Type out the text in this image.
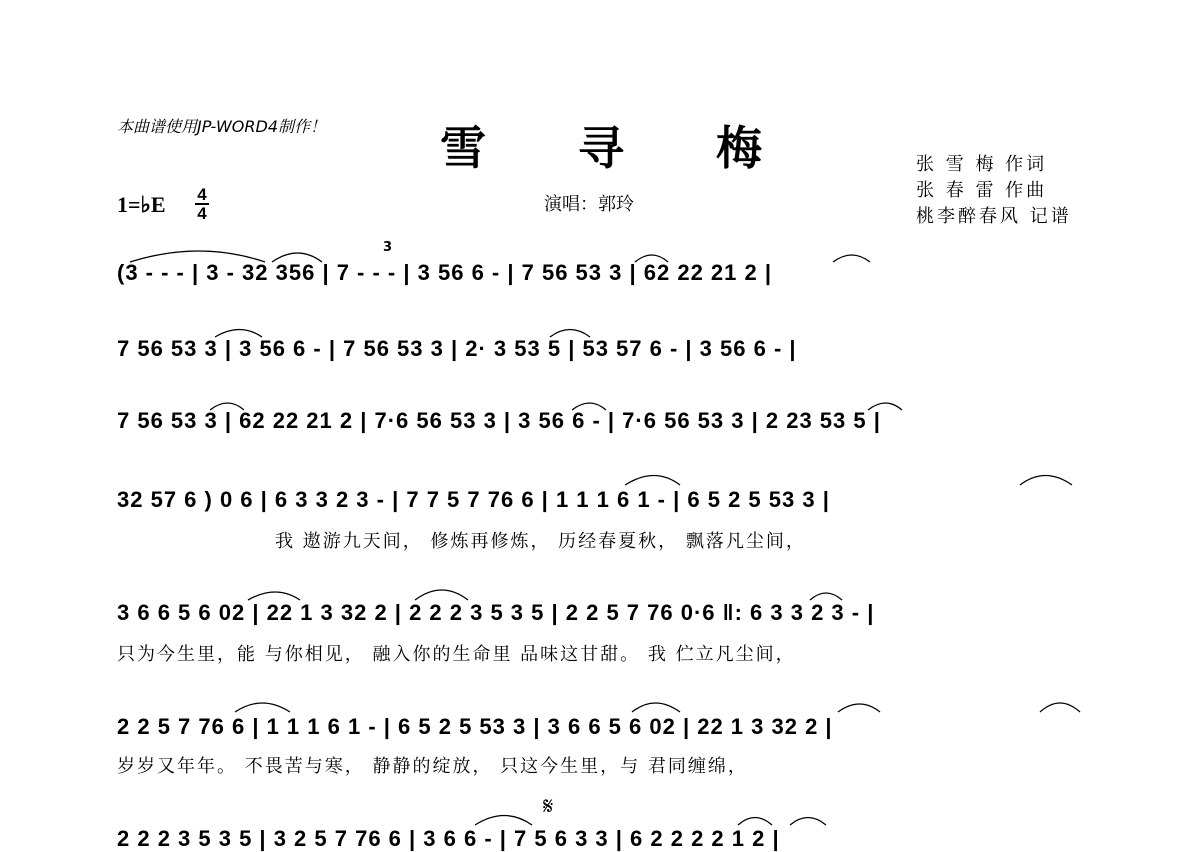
本曲谱使用JP-WORD4制作！ 雪 寻 梅
1=♭E 4
4	演唱：郭玲
张 雪 梅 作词
张 春 雷 作曲
桃李醉春风 记谱
3
𝄋
(3 - - - | 3 - 32 356 | 7 - - - | 3 56 6 - | 7 56 53 3 | 62 22 21 2 |
7 56 53 3 | 3 56 6 - | 7 56 53 3 | 2· 3 53 5 | 53 57 6 - | 3 56 6 - |
7 56 53 3 | 62 22 21 2 | 7·6 56 53 3 | 3 56 6 - | 7·6 56 53 3 | 2 23 53 5 |
32 57 6 ) 0 6 | 6 3 3 2 3 - | 7 7 5 7 76 6 | 1 1 1 6 1 - | 6 5 2 5 53 3 |
我 遨游九天间， 修炼再修炼， 历经春夏秋， 飘落凡尘间，
3 6 6 5 6 02 | 22 1 3 32 2 | 2 2 2 3 5 3 5 | 2 2 5 7 76 0·6 ‖: 6 3 3 2 3 - |
只为今生里，能 与你相见， 融入你的生命里 品味这甘甜。 我 伫立凡尘间，
2 2 5 7 76 6 | 1 1 1 6 1 - | 6 5 2 5 53 3 | 3 6 6 5 6 02 | 22 1 3 32 2 |
岁岁又年年。 不畏苦与寒， 静静的绽放， 只这今生里，与 君同缠绵，
2 2 2 3 5 3 5 | 3 2 5 7 76 6 | 3 6 6 - | 7 5 6 3 3 | 6 2 2 2 2 1 2 |
